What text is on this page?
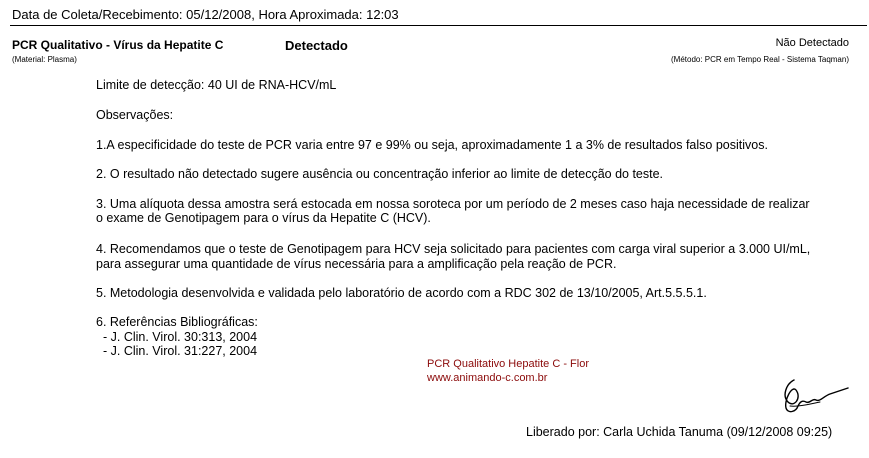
Data de Coleta/Recebimento: 05/12/2008, Hora Aproximada: 12:03
PCR Qualitativo - Vírus da Hepatite C
(Material: Plasma)
Detectado	Não Detectado
(Método: PCR em Tempo Real - Sistema Taqman)
Limite de detecção: 40 UI de RNA-HCV/mL
Observações:
1.A especificidade do teste de PCR varia entre 97 e 99% ou seja, aproximadamente 1 a 3% de resultados falso positivos.
2. O resultado não detectado sugere ausência ou concentração inferior ao limite de detecção do teste.
3. Uma alíquota dessa amostra será estocada em nossa soroteca por um período de 2 meses caso haja necessidade de realizar
o exame de Genotipagem para o vírus da Hepatite C (HCV).
4. Recomendamos que o teste de Genotipagem para HCV seja solicitado para pacientes com carga viral superior a 3.000 UI/mL,
para assegurar uma quantidade de vírus necessária para a amplificação pela reação de PCR.
5. Metodologia desenvolvida e validada pelo laboratório de acordo com a RDC 302 de 13/10/2005, Art.5.5.5.1.
6. Referências Bibliográficas:
- J. Clin. Virol. 30:313, 2004
- J. Clin. Virol. 31:227, 2004
PCR Qualitativo Hepatite C - Flor
www.animando-c.com.br
Liberado por: Carla Uchida Tanuma (09/12/2008 09:25)
